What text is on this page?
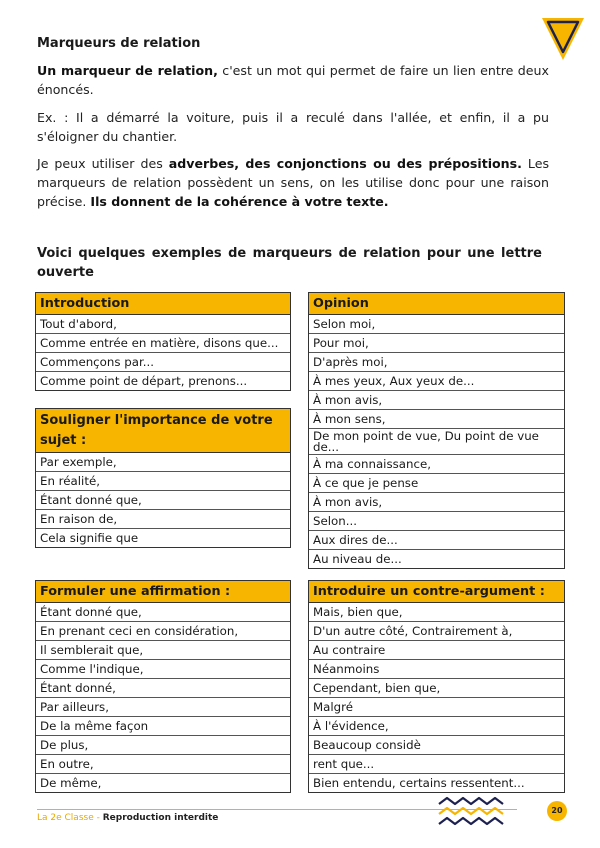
Marqueurs de relation
Un marqueur de relation, c'est un mot qui permet de faire un lien entre deux énoncés.
Ex. : Il a démarré la voiture, puis il a reculé dans l'allée, et enfin, il a pu s'éloigner du chantier.
Je peux utiliser des adverbes, des conjonctions ou des prépositions. Les marqueurs de relation possèdent un sens, on les utilise donc pour une raison précise. Ils donnent de la cohérence à votre texte.
Voici quelques exemples de marqueurs de relation pour une lettre
ouverte
Introduction
Tout d'abord,
Comme entrée en matière, disons que...
Commençons par...
Comme point de départ, prenons...
Souligner l'importance de votre sujet :
Par exemple,
En réalité,
Étant donné que,
En raison de,
Cela signifie que
Opinion
Selon moi,
Pour moi,
D'après moi,
À mes yeux, Aux yeux de...
À mon avis,
À mon sens,
De mon point de vue, Du point de vue de...
À ma connaissance,
À ce que je pense
À mon avis,
Selon...
Aux dires de...
Au niveau de...
Formuler une affirmation :
Étant donné que,
En prenant ceci en considération,
Il semblerait que,
Comme l'indique,
Étant donné,
Par ailleurs,
De la même façon
De plus,
En outre,
De même,
Introduire un contre-argument :
Mais, bien que,
D'un autre côté, Contrairement à,
Au contraire
Néanmoins
Cependant, bien que,
Malgré
À l'évidence,
Beaucoup considè
rent que...
Bien entendu, certains ressentent...
La 2e Classe - Reproduction interdite
20
